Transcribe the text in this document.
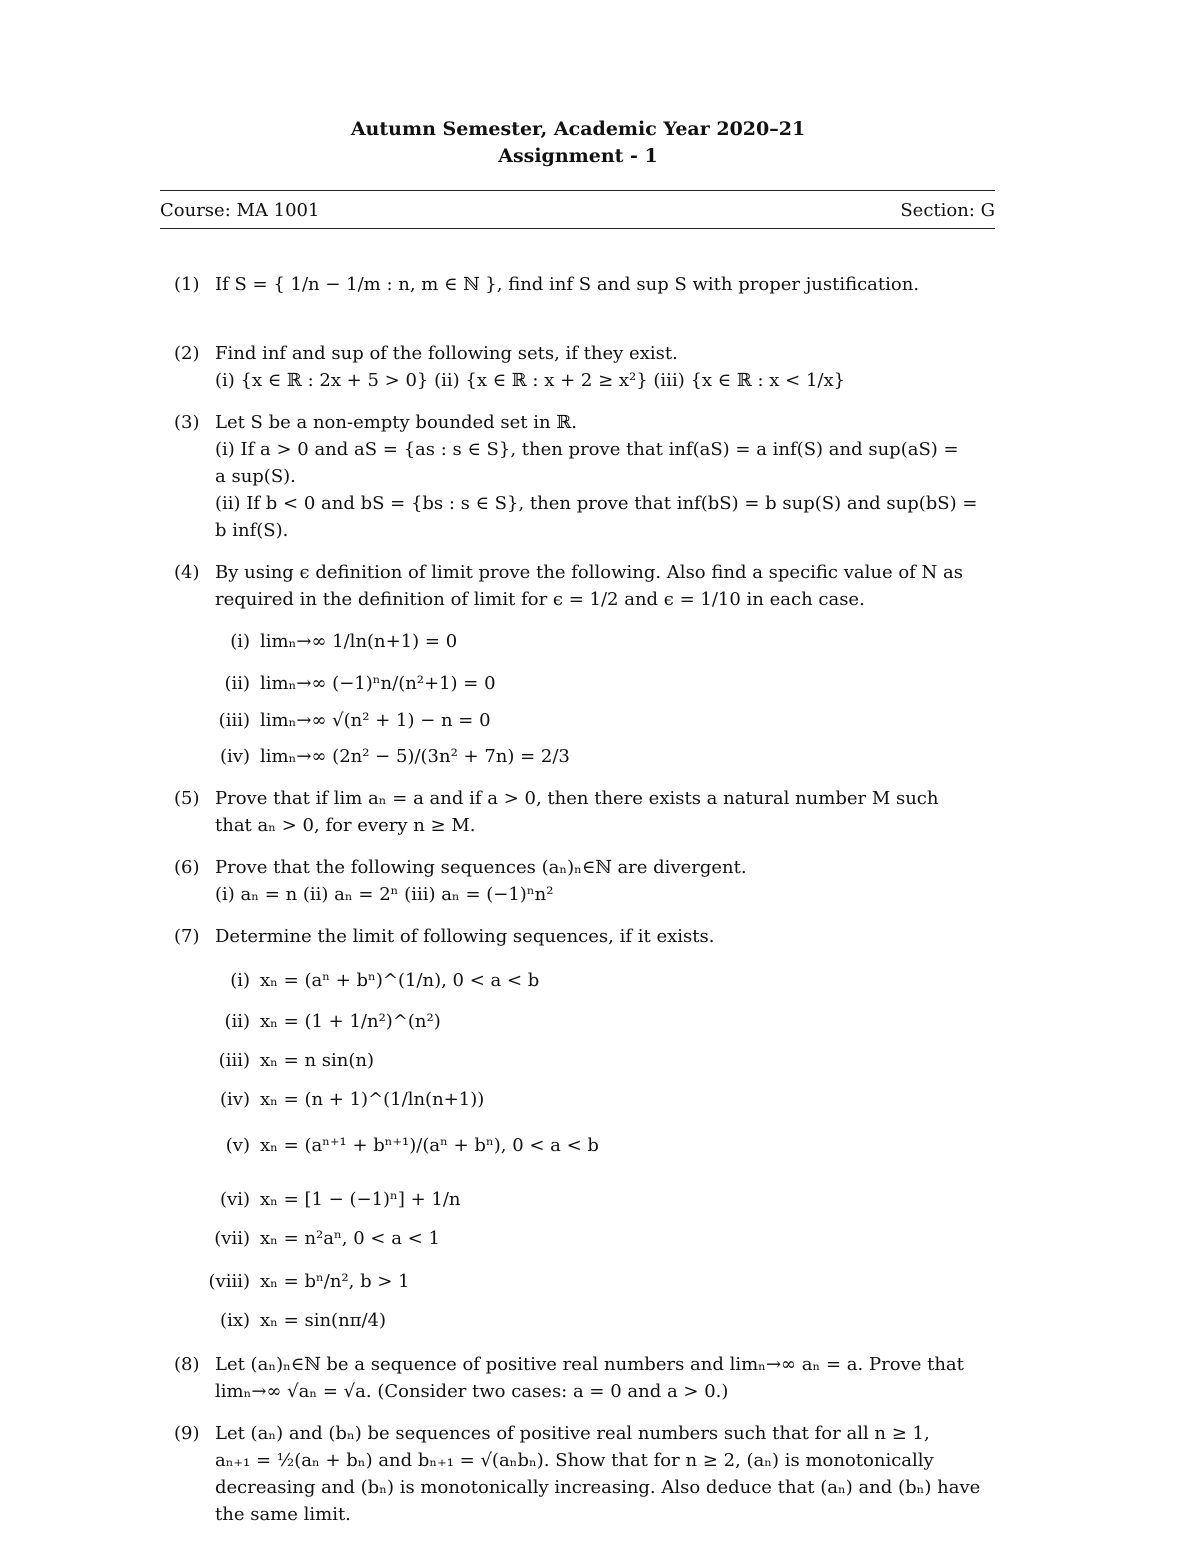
Autumn Semester, Academic Year 2020–21
Assignment - 1
Course: MA 1001	Section: G
(1) If S = { 1/n − 1/m : n, m ∈ ℕ }, find inf S and sup S with proper justification.
(2) Find inf and sup of the following sets, if they exist.
(i) {x ∈ ℝ : 2x + 5 > 0} (ii) {x ∈ ℝ : x + 2 ≥ x²} (iii) {x ∈ ℝ : x < 1/x}
(3) Let S be a non-empty bounded set in ℝ.
(i) If a > 0 and aS = {as : s ∈ S}, then prove that inf(aS) = a inf(S) and sup(aS) =
a sup(S).
(ii) If b < 0 and bS = {bs : s ∈ S}, then prove that inf(bS) = b sup(S) and sup(bS) =
b inf(S).
(4) By using ϵ definition of limit prove the following. Also find a specific value of N as
required in the definition of limit for ϵ = 1/2 and ϵ = 1/10 in each case.
(i) limₙ→∞ 1/ln(n+1) = 0
(ii) limₙ→∞ (−1)ⁿn/(n²+1) = 0
(iii) limₙ→∞ √(n² + 1) − n = 0
(iv) limₙ→∞ (2n² − 5)/(3n² + 7n) = 2/3
(5) Prove that if lim aₙ = a and if a > 0, then there exists a natural number M such
that aₙ > 0, for every n ≥ M.
(6) Prove that the following sequences (aₙ)ₙ∈ℕ are divergent.
(i) aₙ = n (ii) aₙ = 2ⁿ (iii) aₙ = (−1)ⁿn²
(7) Determine the limit of following sequences, if it exists.
(i) xₙ = (aⁿ + bⁿ)^(1/n), 0 < a < b
(ii) xₙ = (1 + 1/n²)^(n²)
(iii) xₙ = n sin(n)
(iv) xₙ = (n + 1)^(1/ln(n+1))
(v) xₙ = (aⁿ⁺¹ + bⁿ⁺¹)/(aⁿ + bⁿ), 0 < a < b
(vi) xₙ = [1 − (−1)ⁿ] + 1/n
(vii) xₙ = n²aⁿ, 0 < a < 1
(viii) xₙ = bⁿ/n², b > 1
(ix) xₙ = sin(nπ/4)
(8) Let (aₙ)ₙ∈ℕ be a sequence of positive real numbers and limₙ→∞ aₙ = a. Prove that
limₙ→∞ √aₙ = √a. (Consider two cases: a = 0 and a > 0.)
(9) Let (aₙ) and (bₙ) be sequences of positive real numbers such that for all n ≥ 1,
aₙ₊₁ = ½(aₙ + bₙ) and bₙ₊₁ = √(aₙbₙ). Show that for n ≥ 2, (aₙ) is monotonically
decreasing and (bₙ) is monotonically increasing. Also deduce that (aₙ) and (bₙ) have
the same limit.
